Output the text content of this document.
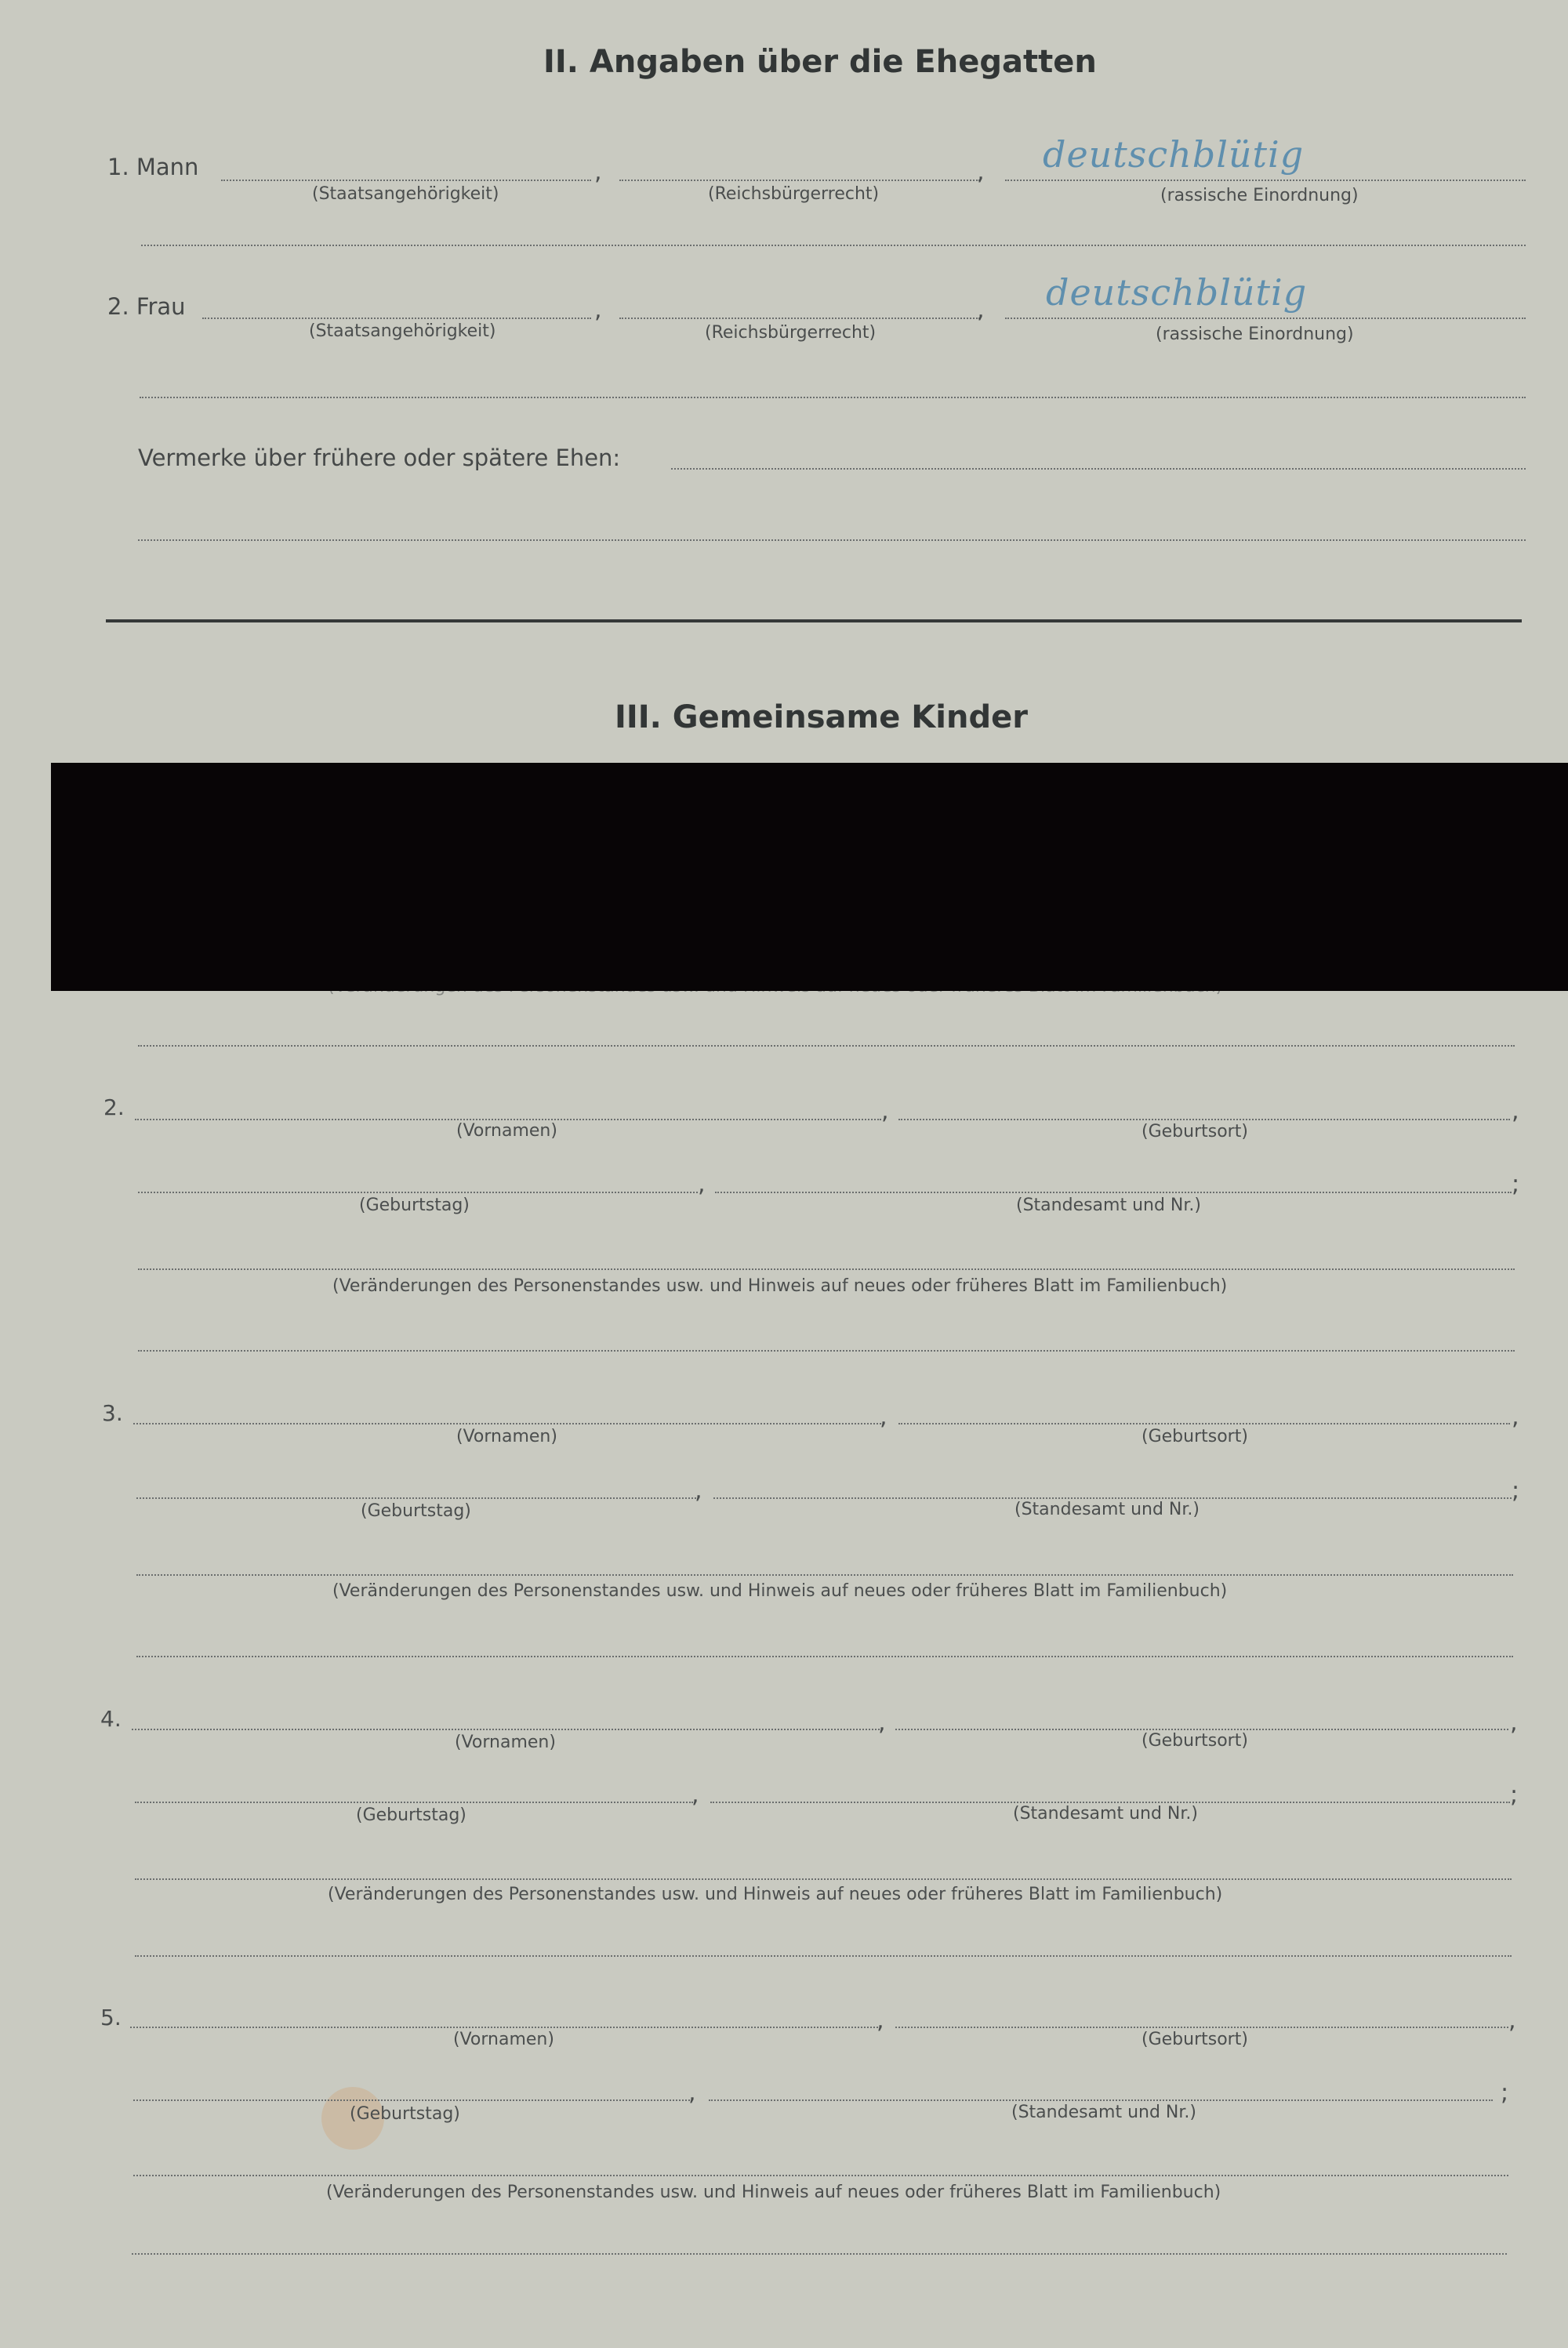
II. Angaben über die Ehegatten
1. Mann	,	, deutschblütig
(Staatsangehörigkeit)	(Reichsbürgerrecht)	(rassische Einordnung)
2. Frau	,	, deutschblütig
(Staatsangehörigkeit)	(Reichsbürgerrecht)	(rassische Einordnung)
Vermerke über frühere oder spätere Ehen:
III. Gemeinsame Kinder
2.	,	,
(Vornamen)	(Geburtsort)
,	;
(Geburtstag)	(Standesamt und Nr.)
(Veränderungen des Personenstandes usw. und Hinweis auf neues oder früheres Blatt im Familienbuch)
3.	,	,
(Vornamen)	(Geburtsort)
,	;
(Geburtstag)	(Standesamt und Nr.)
(Veränderungen des Personenstandes usw. und Hinweis auf neues oder früheres Blatt im Familienbuch)
4.	,	,
(Vornamen)	(Geburtsort)
,	;
(Geburtstag)	(Standesamt und Nr.)
(Veränderungen des Personenstandes usw. und Hinweis auf neues oder früheres Blatt im Familienbuch)
5.	,	,
(Vornamen)	(Geburtsort)
,	;
(Geburtstag)	(Standesamt und Nr.)
(Veränderungen des Personenstandes usw. und Hinweis auf neues oder früheres Blatt im Familienbuch)
